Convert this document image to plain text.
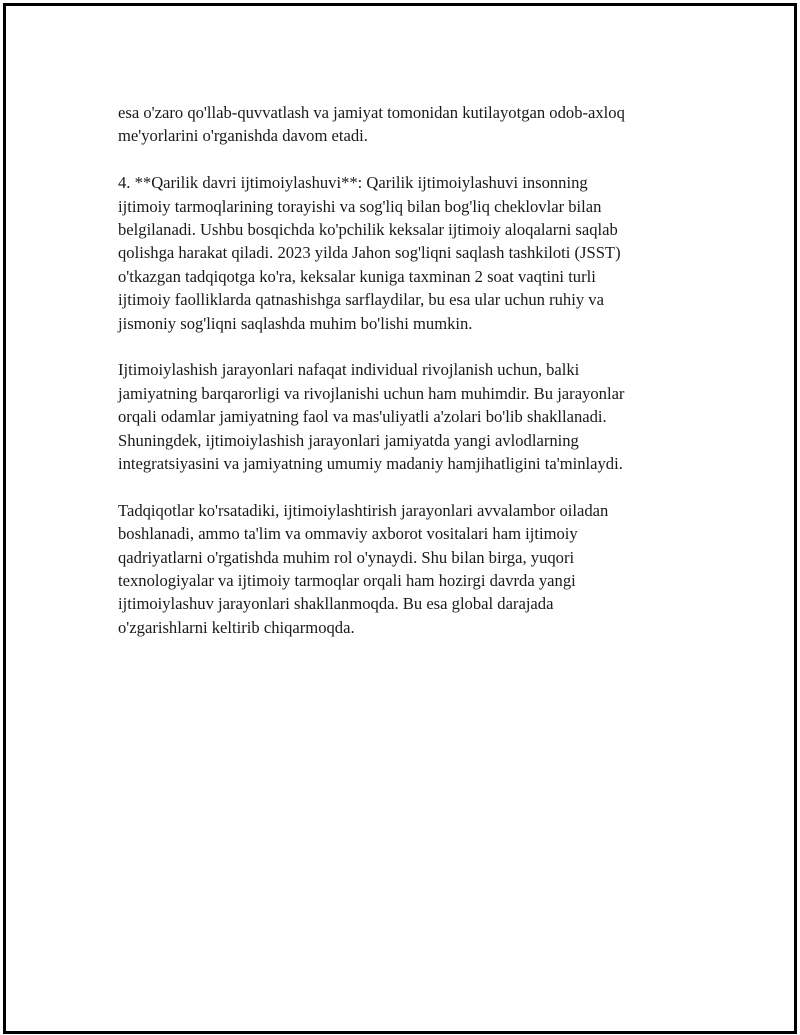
esa o'zaro qo'llab-quvvatlash va jamiyat tomonidan kutilayotgan odob-axloq
me'yorlarini o'rganishda davom etadi.

4. **Qarilik davri ijtimoiylashuvi**: Qarilik ijtimoiylashuvi insonning
ijtimoiy tarmoqlarining torayishi va sog'liq bilan bog'liq cheklovlar bilan
belgilanadi. Ushbu bosqichda ko'pchilik keksalar ijtimoiy aloqalarni saqlab
qolishga harakat qiladi. 2023 yilda Jahon sog'liqni saqlash tashkiloti (JSST)
o'tkazgan tadqiqotga ko'ra, keksalar kuniga taxminan 2 soat vaqtini turli
ijtimoiy faolliklarda qatnashishga sarflaydilar, bu esa ular uchun ruhiy va
jismoniy sog'liqni saqlashda muhim bo'lishi mumkin.

Ijtimoiylashish jarayonlari nafaqat individual rivojlanish uchun, balki
jamiyatning barqarorligi va rivojlanishi uchun ham muhimdir. Bu jarayonlar
orqali odamlar jamiyatning faol va mas'uliyatli a'zolari bo'lib shakllanadi.
Shuningdek, ijtimoiylashish jarayonlari jamiyatda yangi avlodlarning
integratsiyasini va jamiyatning umumiy madaniy hamjihatligini ta'minlaydi.

Tadqiqotlar ko'rsatadiki, ijtimoiylashtirish jarayonlari avvalambor oiladan
boshlanadi, ammo ta'lim va ommaviy axborot vositalari ham ijtimoiy
qadriyatlarni o'rgatishda muhim rol o'ynaydi. Shu bilan birga, yuqori
texnologiyalar va ijtimoiy tarmoqlar orqali ham hozirgi davrda yangi
ijtimoiylashuv jarayonlari shakllanmoqda. Bu esa global darajada
o'zgarishlarni keltirib chiqarmoqda.
